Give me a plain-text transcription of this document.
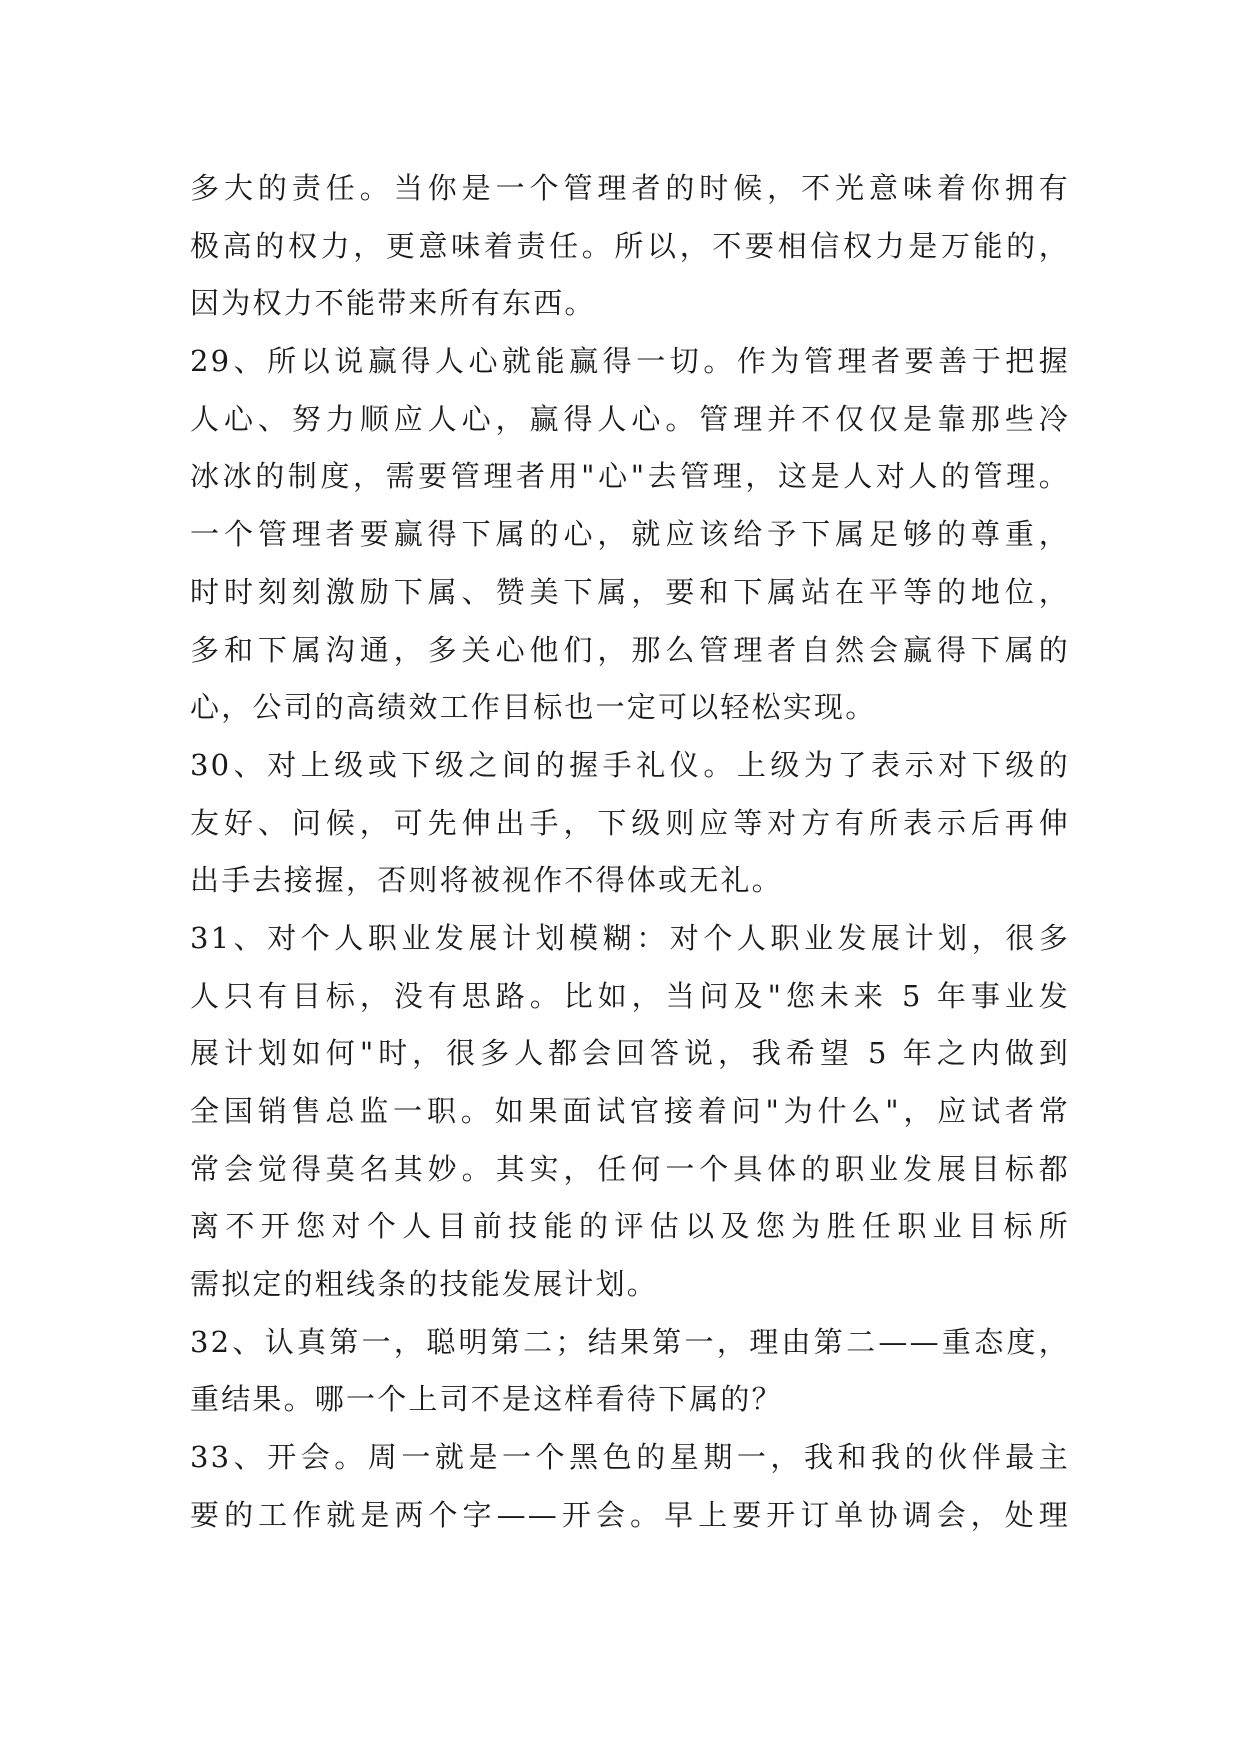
多大的责任。当你是一个管理者的时候，不光意味着你拥有
极高的权力，更意味着责任。所以，不要相信权力是万能的，
因为权力不能带来所有东西。
29、所以说赢得人心就能赢得一切。作为管理者要善于把握
人心、努力顺应人心，赢得人心。管理并不仅仅是靠那些冷
冰冰的制度，需要管理者用"心"去管理，这是人对人的管理。
一个管理者要赢得下属的心，就应该给予下属足够的尊重，
时时刻刻激励下属、赞美下属，要和下属站在平等的地位，
多和下属沟通，多关心他们，那么管理者自然会赢得下属的
心，公司的高绩效工作目标也一定可以轻松实现。
30、对上级或下级之间的握手礼仪。上级为了表示对下级的
友好、问候，可先伸出手，下级则应等对方有所表示后再伸
出手去接握，否则将被视作不得体或无礼。
31、对个人职业发展计划模糊：对个人职业发展计划，很多
人只有目标，没有思路。比如，当问及"您未来 5 年事业发
展计划如何"时，很多人都会回答说，我希望 5 年之内做到
全国销售总监一职。如果面试官接着问"为什么"，应试者常
常会觉得莫名其妙。其实，任何一个具体的职业发展目标都
离不开您对个人目前技能的评估以及您为胜任职业目标所
需拟定的粗线条的技能发展计划。
32、认真第一，聪明第二；结果第一，理由第二——重态度，
重结果。哪一个上司不是这样看待下属的？
33、开会。周一就是一个黑色的星期一，我和我的伙伴最主
要的工作就是两个字——开会。早上要开订单协调会，处理
